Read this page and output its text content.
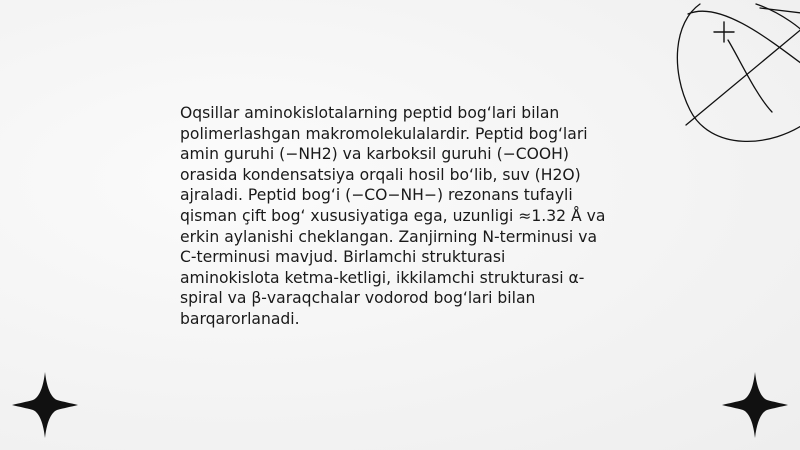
Oqsillar aminokislotalarning peptid bog‘lari bilan
polimerlashgan makromolekulalardir. Peptid bog‘lari
amin guruhi (−NH2) va karboksil guruhi (−COOH)
orasida kondensatsiya orqali hosil bo‘lib, suv (H2O)
ajraladi. Peptid bog‘i (−CO−NH−) rezonans tufayli
qisman çift bog‘ xususiyatiga ega, uzunligi ≈1.32 Å va
erkin aylanishi cheklangan. Zanjirning N-terminusi va
C-terminusi mavjud. Birlamchi strukturasi
aminokislota ketma-ketligi, ikkilamchi strukturasi α-
spiral va β-varaqchalar vodorod bog‘lari bilan
barqarorlanadi.
